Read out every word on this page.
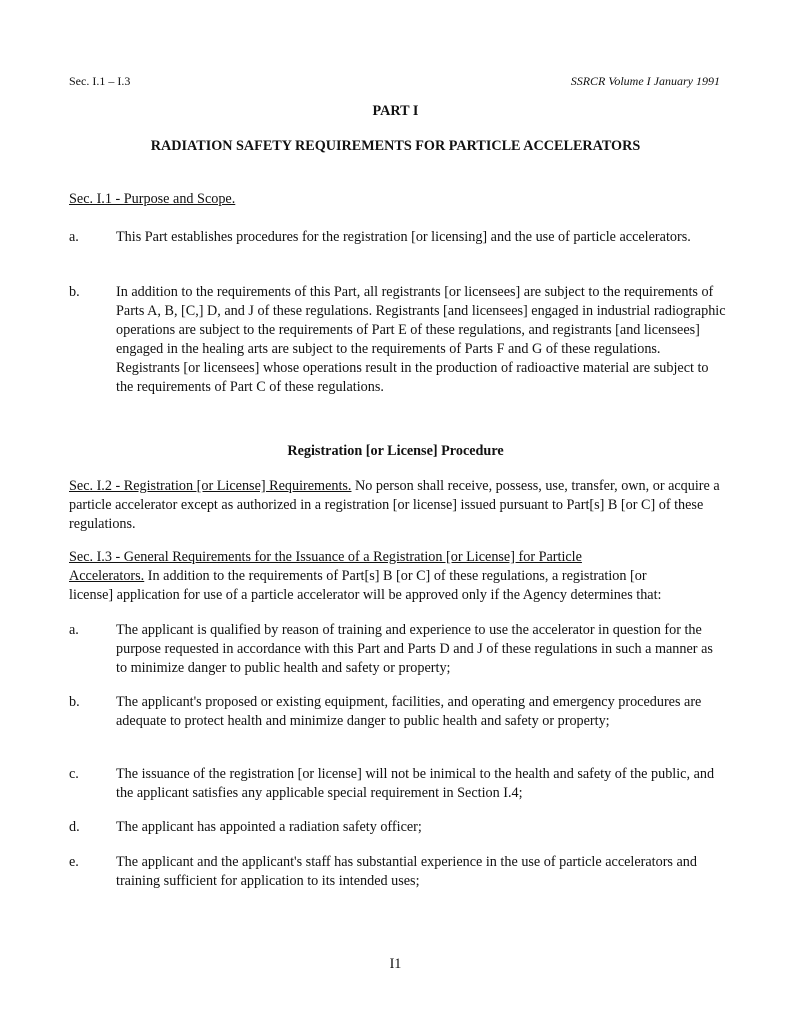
Sec. I.1 – I.3	SSRCR Volume I January 1991
PART I
RADIATION SAFETY REQUIREMENTS FOR PARTICLE ACCELERATORS
Sec. I.1 - Purpose and Scope.
a.	This Part establishes procedures for the registration [or licensing] and the use of particle accelerators.
b.	In addition to the requirements of this Part, all registrants [or licensees] are subject to the requirements of Parts A, B, [C,] D, and J of these regulations. Registrants [and licensees] engaged in industrial radiographic operations are subject to the requirements of Part E of these regulations, and registrants [and licensees] engaged in the healing arts are subject to the requirements of Parts F and G of these regulations. Registrants [or licensees] whose operations result in the production of radioactive material are subject to the requirements of Part C of these regulations.
Registration [or License] Procedure
Sec. I.2 - Registration [or License] Requirements. No person shall receive, possess, use, transfer, own, or acquire a particle accelerator except as authorized in a registration [or license] issued pursuant to Part[s] B [or C] of these regulations.
Sec. I.3 - General Requirements for the Issuance of a Registration [or License] for Particle
Accelerators. In addition to the requirements of Part[s] B [or C] of these regulations, a registration [or
license] application for use of a particle accelerator will be approved only if the Agency determines that:
a.	The applicant is qualified by reason of training and experience to use the accelerator in question for the purpose requested in accordance with this Part and Parts D and J of these regulations in such a manner as to minimize danger to public health and safety or property;
b.	The applicant's proposed or existing equipment, facilities, and operating and emergency procedures are adequate to protect health and minimize danger to public health and safety or property;
c.	The issuance of the registration [or license] will not be inimical to the health and safety of the public, and the applicant satisfies any applicable special requirement in Section I.4;
d.	The applicant has appointed a radiation safety officer;
e.	The applicant and the applicant's staff has substantial experience in the use of particle accelerators and training sufficient for application to its intended uses;
I1
